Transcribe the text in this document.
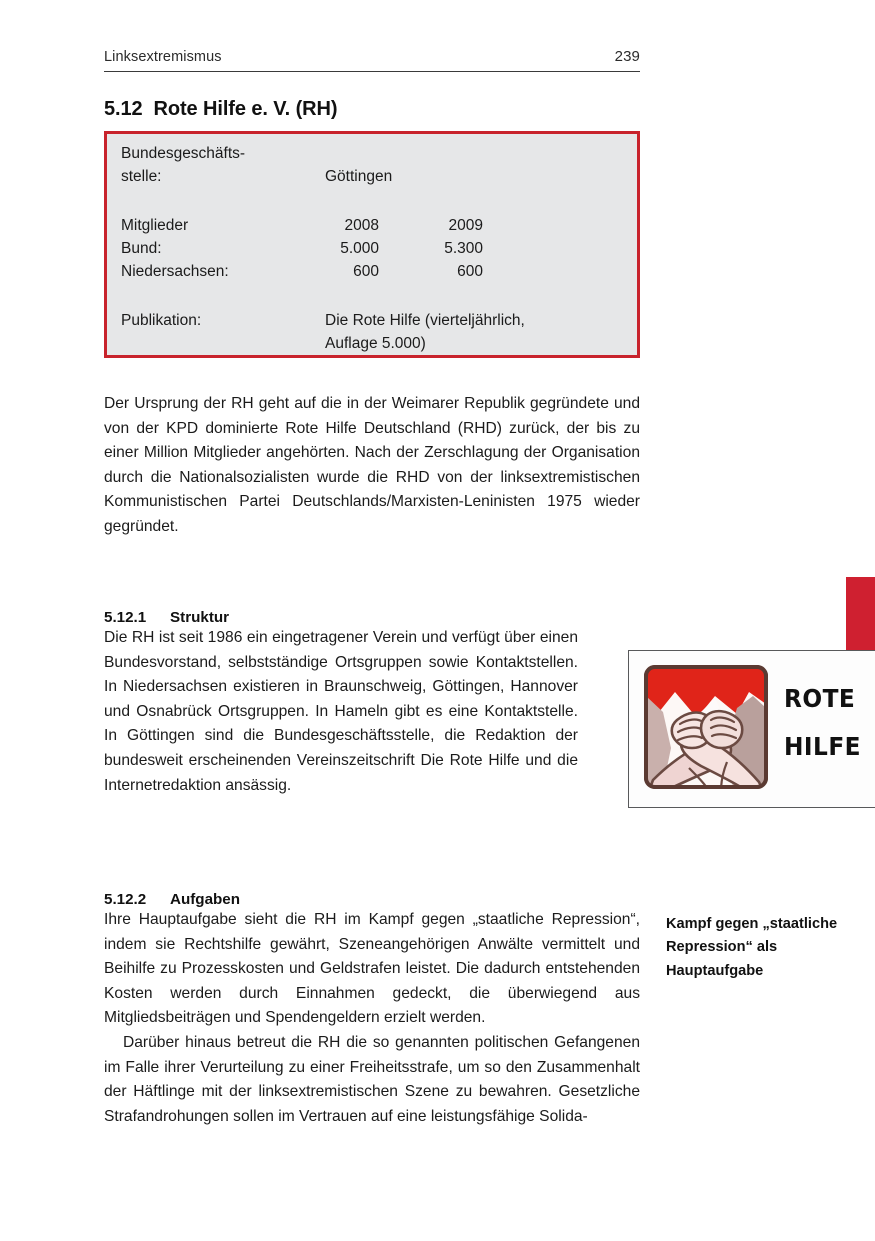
Linksextremismus	239
5.12 Rote Hilfe e. V. (RH)
Bundesgeschäfts-
stelle:	Göttingen
Mitglieder	2008	2009
Bund:	5.000	5.300
Niedersachsen:	600	600
Publikation:	Die Rote Hilfe (vierteljährlich,
Auflage 5.000)

Der Ursprung der RH geht auf die in der Weimarer Republik gegründete und von der KPD dominierte Rote Hilfe Deutschland (RHD) zurück, der bis zu einer Million Mitglieder angehörten. Nach der Zerschlagung der Organisation durch die Nationalsozialisten wurde die RHD von der linksextremistischen Kommunistischen Partei Deutschlands/Marxisten-Leninisten 1975 wieder gegründet.

5.12.1 Struktur

Die RH ist seit 1986 ein eingetragener Verein und verfügt über einen Bundesvorstand, selbstständige Ortsgruppen sowie Kontaktstellen. In Niedersachsen existieren in Braunschweig, Göttingen, Hannover und Osnabrück Ortsgruppen. In Hameln gibt es eine Kontaktstelle. In Göttingen sind die Bundesgeschäftsstelle, die Redaktion der bundesweit erscheinenden Vereinszeitschrift Die Rote Hilfe und die Internetredaktion ansässig.

ROTE
HILFE
5.12.2 Aufgaben

Ihre Hauptaufgabe sieht die RH im Kampf gegen „staatliche Repression“, indem sie Rechtshilfe gewährt, Szeneangehörigen Anwälte vermittelt und Beihilfe zu Prozesskosten und Geldstrafen leistet. Die dadurch entstehenden Kosten werden durch Einnahmen gedeckt, die überwiegend aus Mitgliedsbeiträgen und Spendengeldern erzielt werden.

Darüber hinaus betreut die RH die so genannten politischen Gefangenen im Falle ihrer Verurteilung zu einer Freiheitsstrafe, um so den Zusammenhalt der Häftlinge mit der linksextremistischen Szene zu bewahren. Gesetzliche Strafandrohungen sollen im Vertrauen auf eine leistungsfähige Solida-

Kampf gegen „staatliche Repression“ als Hauptaufgabe
